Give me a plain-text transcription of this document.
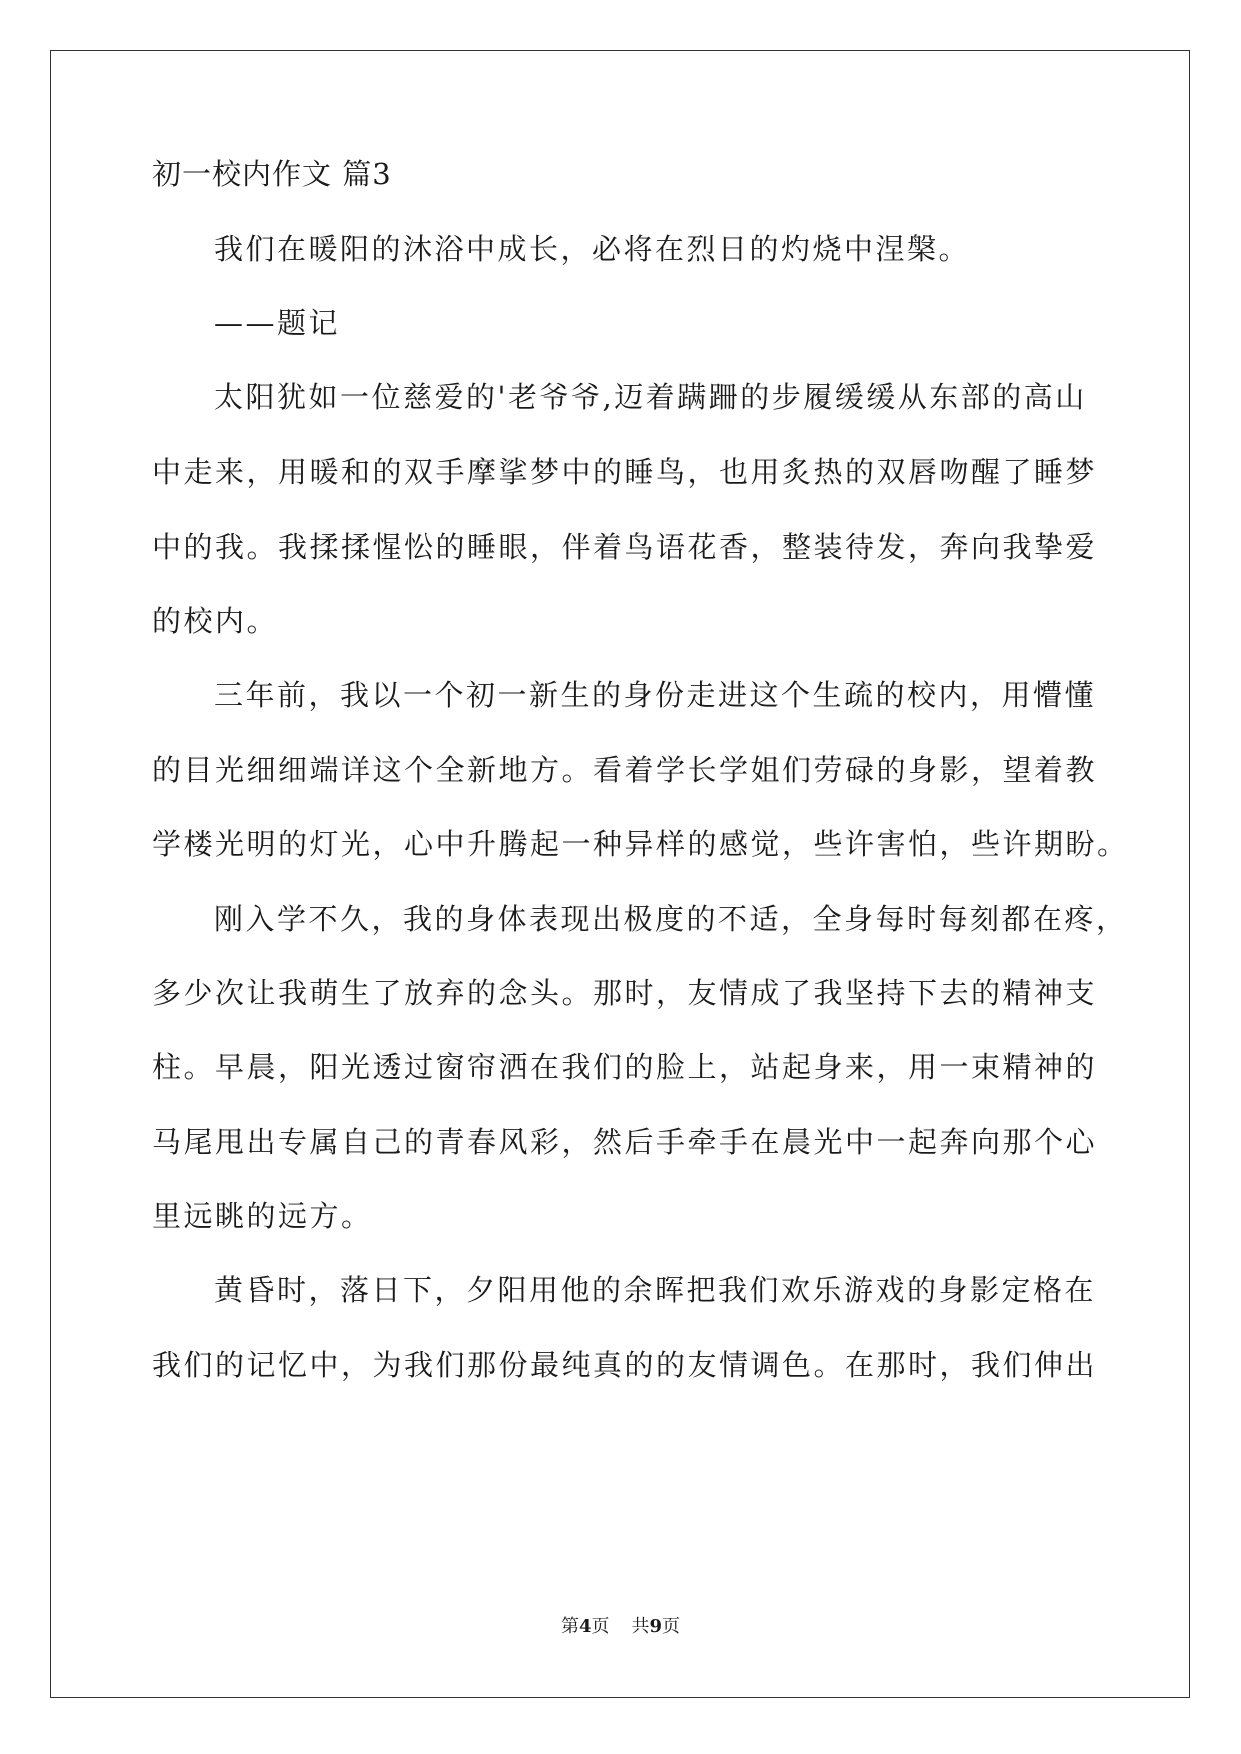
初一校内作文 篇3
我们在暖阳的沐浴中成长，必将在烈日的灼烧中涅槃。
——题记
太阳犹如一位慈爱的'老爷爷,迈着蹒跚的步履缓缓从东部的高山
中走来，用暖和的双手摩挲梦中的睡鸟，也用炙热的双唇吻醒了睡梦
中的我。我揉揉惺忪的睡眼，伴着鸟语花香，整装待发，奔向我挚爱
的校内。
三年前，我以一个初一新生的身份走进这个生疏的校内，用懵懂
的目光细细端详这个全新地方。看着学长学姐们劳碌的身影，望着教
学楼光明的灯光，心中升腾起一种异样的感觉，些许害怕，些许期盼。
刚入学不久，我的身体表现出极度的不适，全身每时每刻都在疼，
多少次让我萌生了放弃的念头。那时，友情成了我坚持下去的精神支
柱。早晨，阳光透过窗帘洒在我们的脸上，站起身来，用一束精神的
马尾甩出专属自己的青春风彩，然后手牵手在晨光中一起奔向那个心
里远眺的远方。
黄昏时，落日下，夕阳用他的余晖把我们欢乐游戏的身影定格在
我们的记忆中，为我们那份最纯真的的友情调色。在那时，我们伸出
第4页 共9页
